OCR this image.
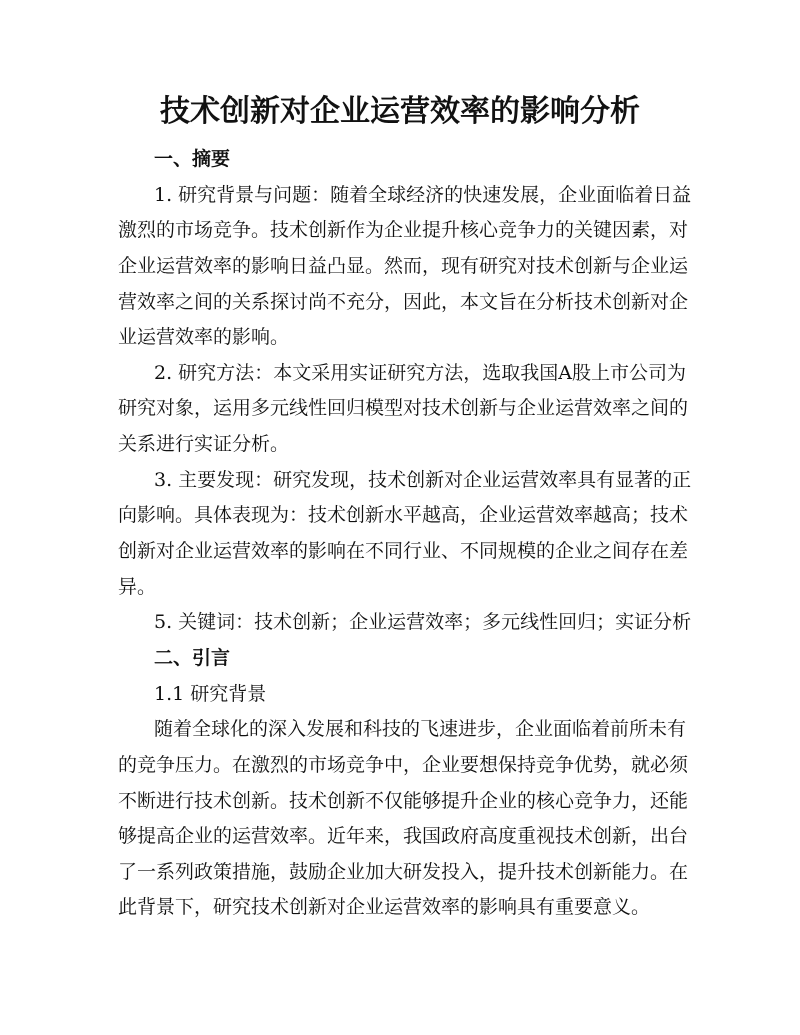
技术创新对企业运营效率的影响分析
一、摘要
1. 研究背景与问题：随着全球经济的快速发展，企业面临着日益
激烈的市场竞争。技术创新作为企业提升核心竞争力的关键因素，对
企业运营效率的影响日益凸显。然而，现有研究对技术创新与企业运
营效率之间的关系探讨尚不充分，因此，本文旨在分析技术创新对企
业运营效率的影响。
2. 研究方法：本文采用实证研究方法，选取我国A股上市公司为
研究对象，运用多元线性回归模型对技术创新与企业运营效率之间的
关系进行实证分析。
3. 主要发现：研究发现，技术创新对企业运营效率具有显著的正
向影响。具体表现为：技术创新水平越高，企业运营效率越高；技术
创新对企业运营效率的影响在不同行业、不同规模的企业之间存在差
异。
5. 关键词：技术创新；企业运营效率；多元线性回归；实证分析
二、引言
1.1 研究背景
随着全球化的深入发展和科技的飞速进步，企业面临着前所未有
的竞争压力。在激烈的市场竞争中，企业要想保持竞争优势，就必须
不断进行技术创新。技术创新不仅能够提升企业的核心竞争力，还能
够提高企业的运营效率。近年来，我国政府高度重视技术创新，出台
了一系列政策措施，鼓励企业加大研发投入，提升技术创新能力。在
此背景下，研究技术创新对企业运营效率的影响具有重要意义。
